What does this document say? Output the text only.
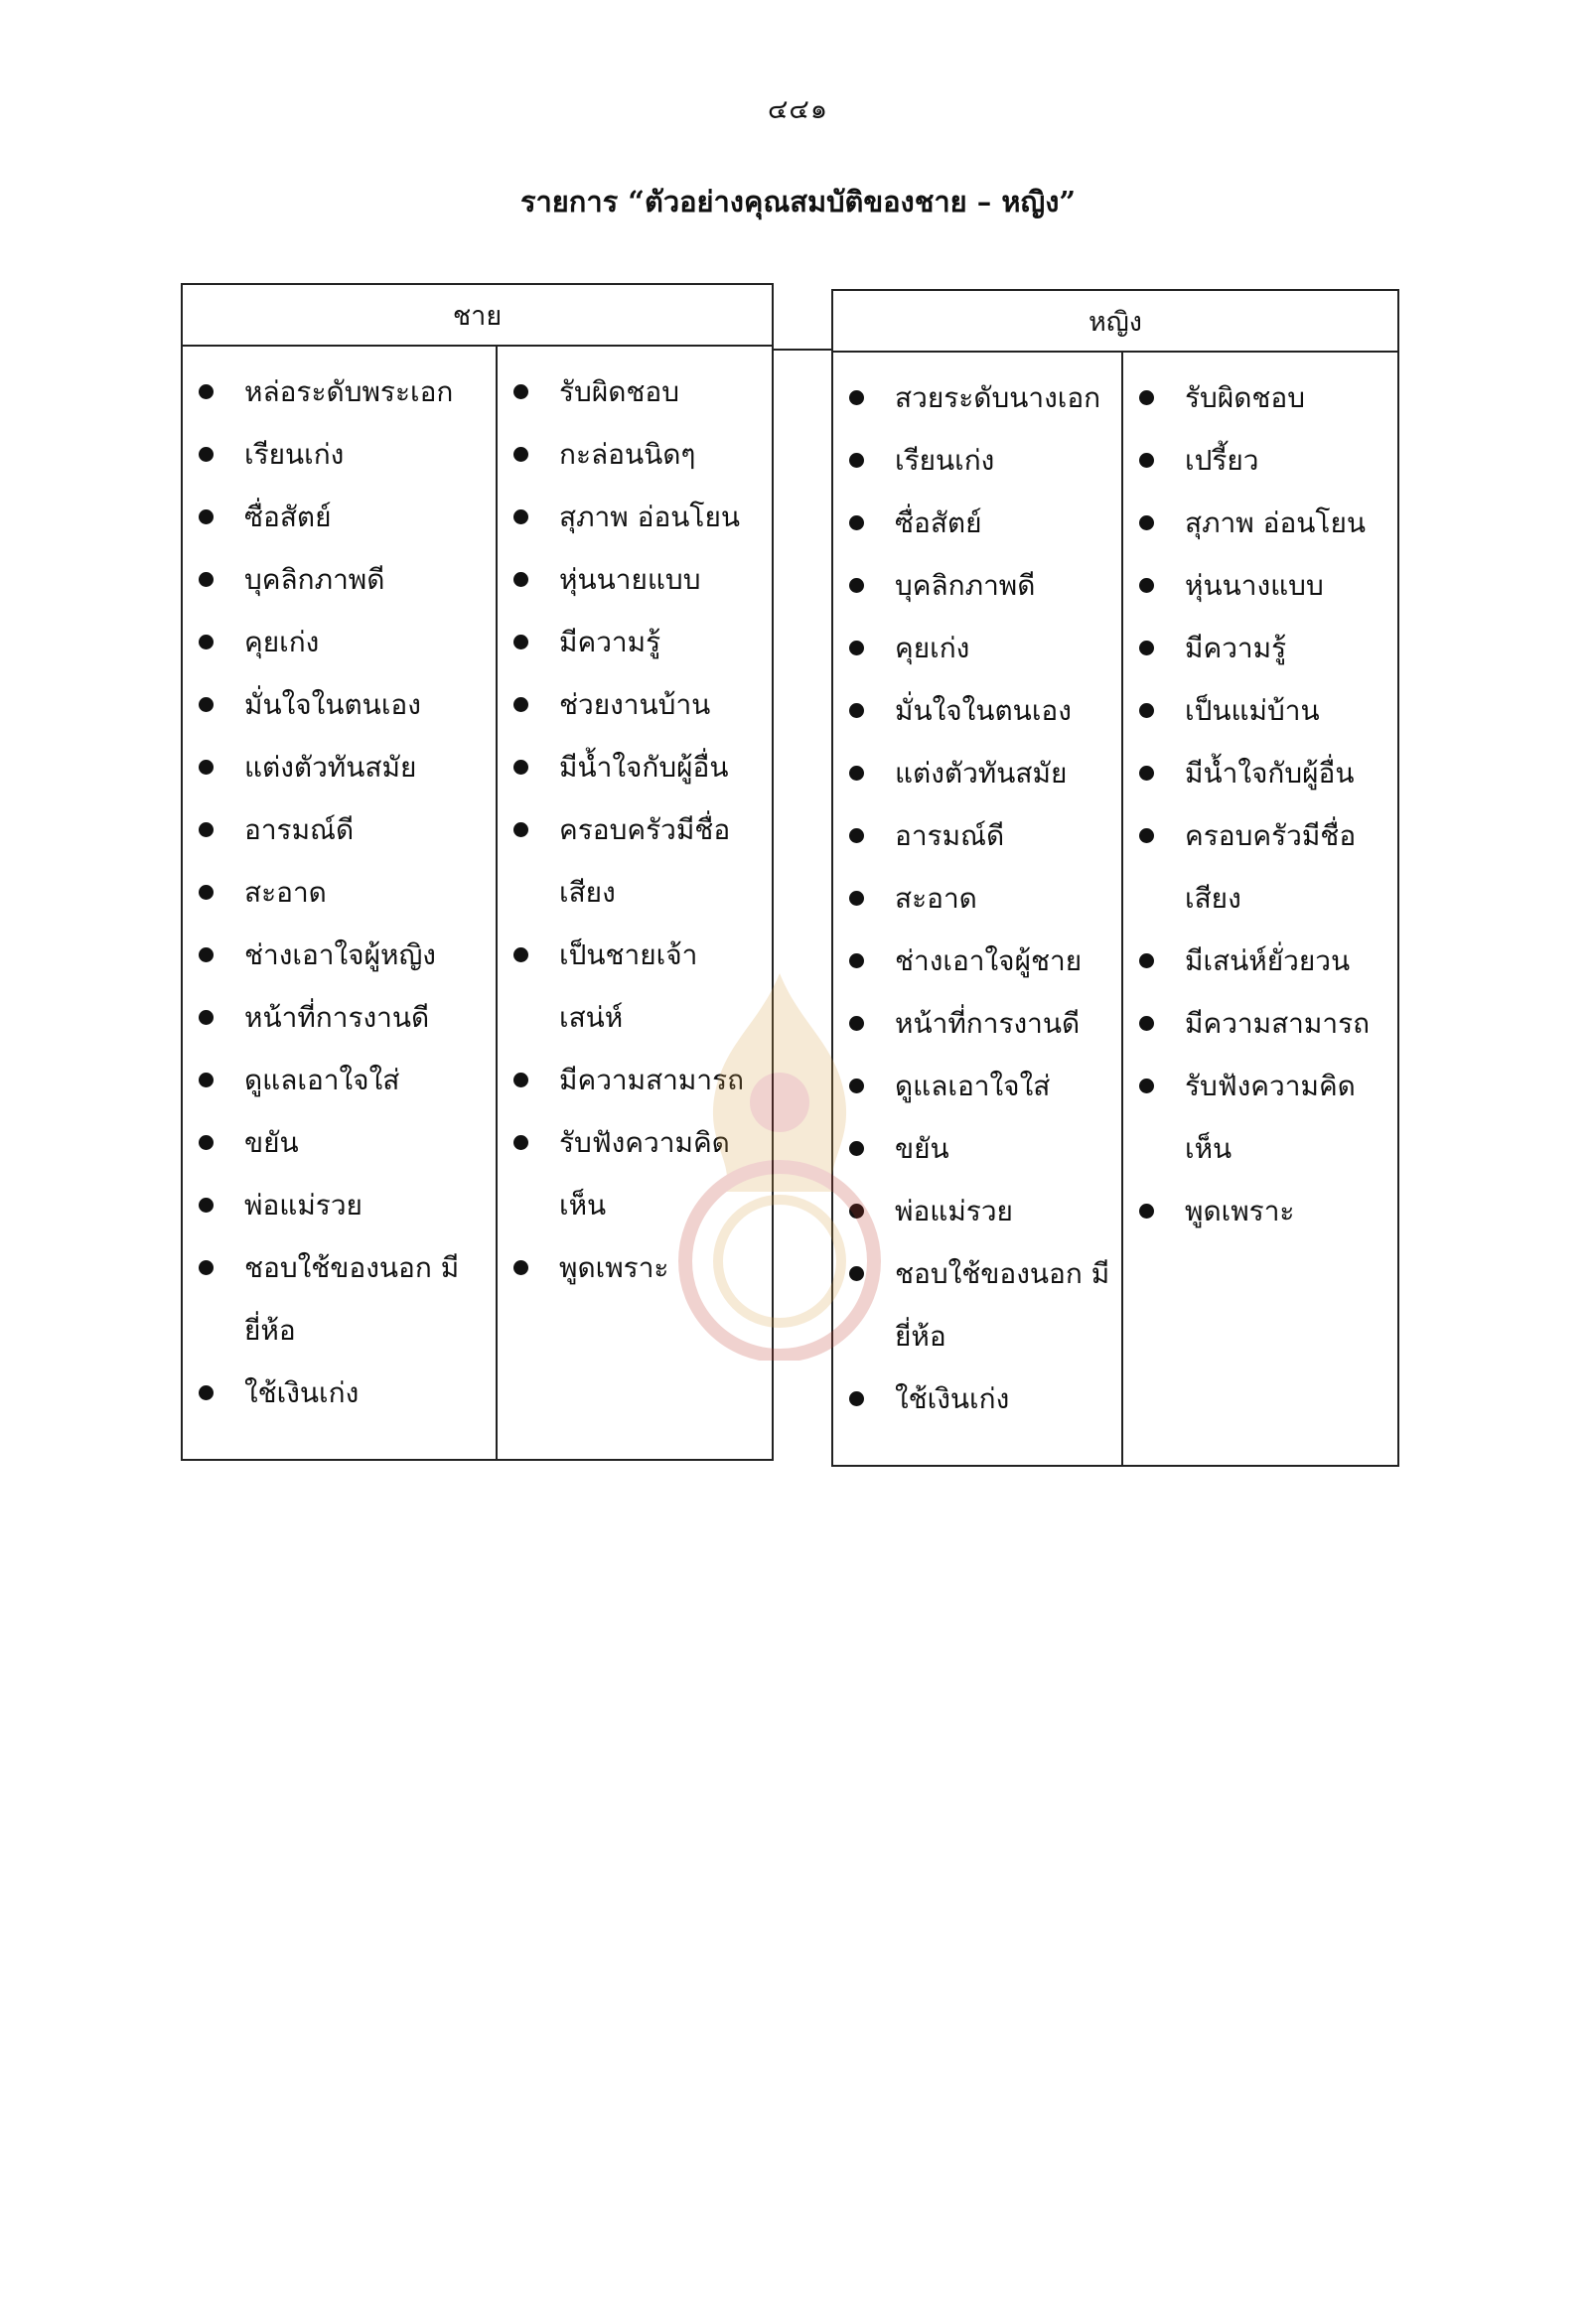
๔๔๑
รายการ “ตัวอย่างคุณสมบัติของชาย – หญิง”
ชาย
หล่อระดับพระเอก
เรียนเก่ง
ซื่อสัตย์
บุคลิกภาพดี
คุยเก่ง
มั่นใจในตนเอง
แต่งตัวทันสมัย
อารมณ์ดี
สะอาด
ช่างเอาใจผู้หญิง
หน้าที่การงานดี
ดูแลเอาใจใส่
ขยัน
พ่อแม่รวย
ชอบใช้ของนอก มียี่ห้อ
ใช้เงินเก่ง
รับผิดชอบ
กะล่อนนิดๆ
สุภาพ อ่อนโยน
หุ่นนายแบบ
มีความรู้
ช่วยงานบ้าน
มีน้ำใจกับผู้อื่น
ครอบครัวมีชื่อ เสียง
เป็นชายเจ้า เสน่ห์
มีความสามารถ
รับฟังความคิด เห็น
พูดเพราะ
หญิง
สวยระดับนางเอก
เรียนเก่ง
ซื่อสัตย์
บุคลิกภาพดี
คุยเก่ง
มั่นใจในตนเอง
แต่งตัวทันสมัย
อารมณ์ดี
สะอาด
ช่างเอาใจผู้ชาย
หน้าที่การงานดี
ดูแลเอาใจใส่
ขยัน
พ่อแม่รวย
ชอบใช้ของนอก มียี่ห้อ
ใช้เงินเก่ง
รับผิดชอบ
เปรี้ยว
สุภาพ อ่อนโยน
หุ่นนางแบบ
มีความรู้
เป็นแม่บ้าน
มีน้ำใจกับผู้อื่น
ครอบครัวมีชื่อ เสียง
มีเสน่ห์ยั่วยวน
มีความสามารถ
รับฟังความคิด เห็น
พูดเพราะ
